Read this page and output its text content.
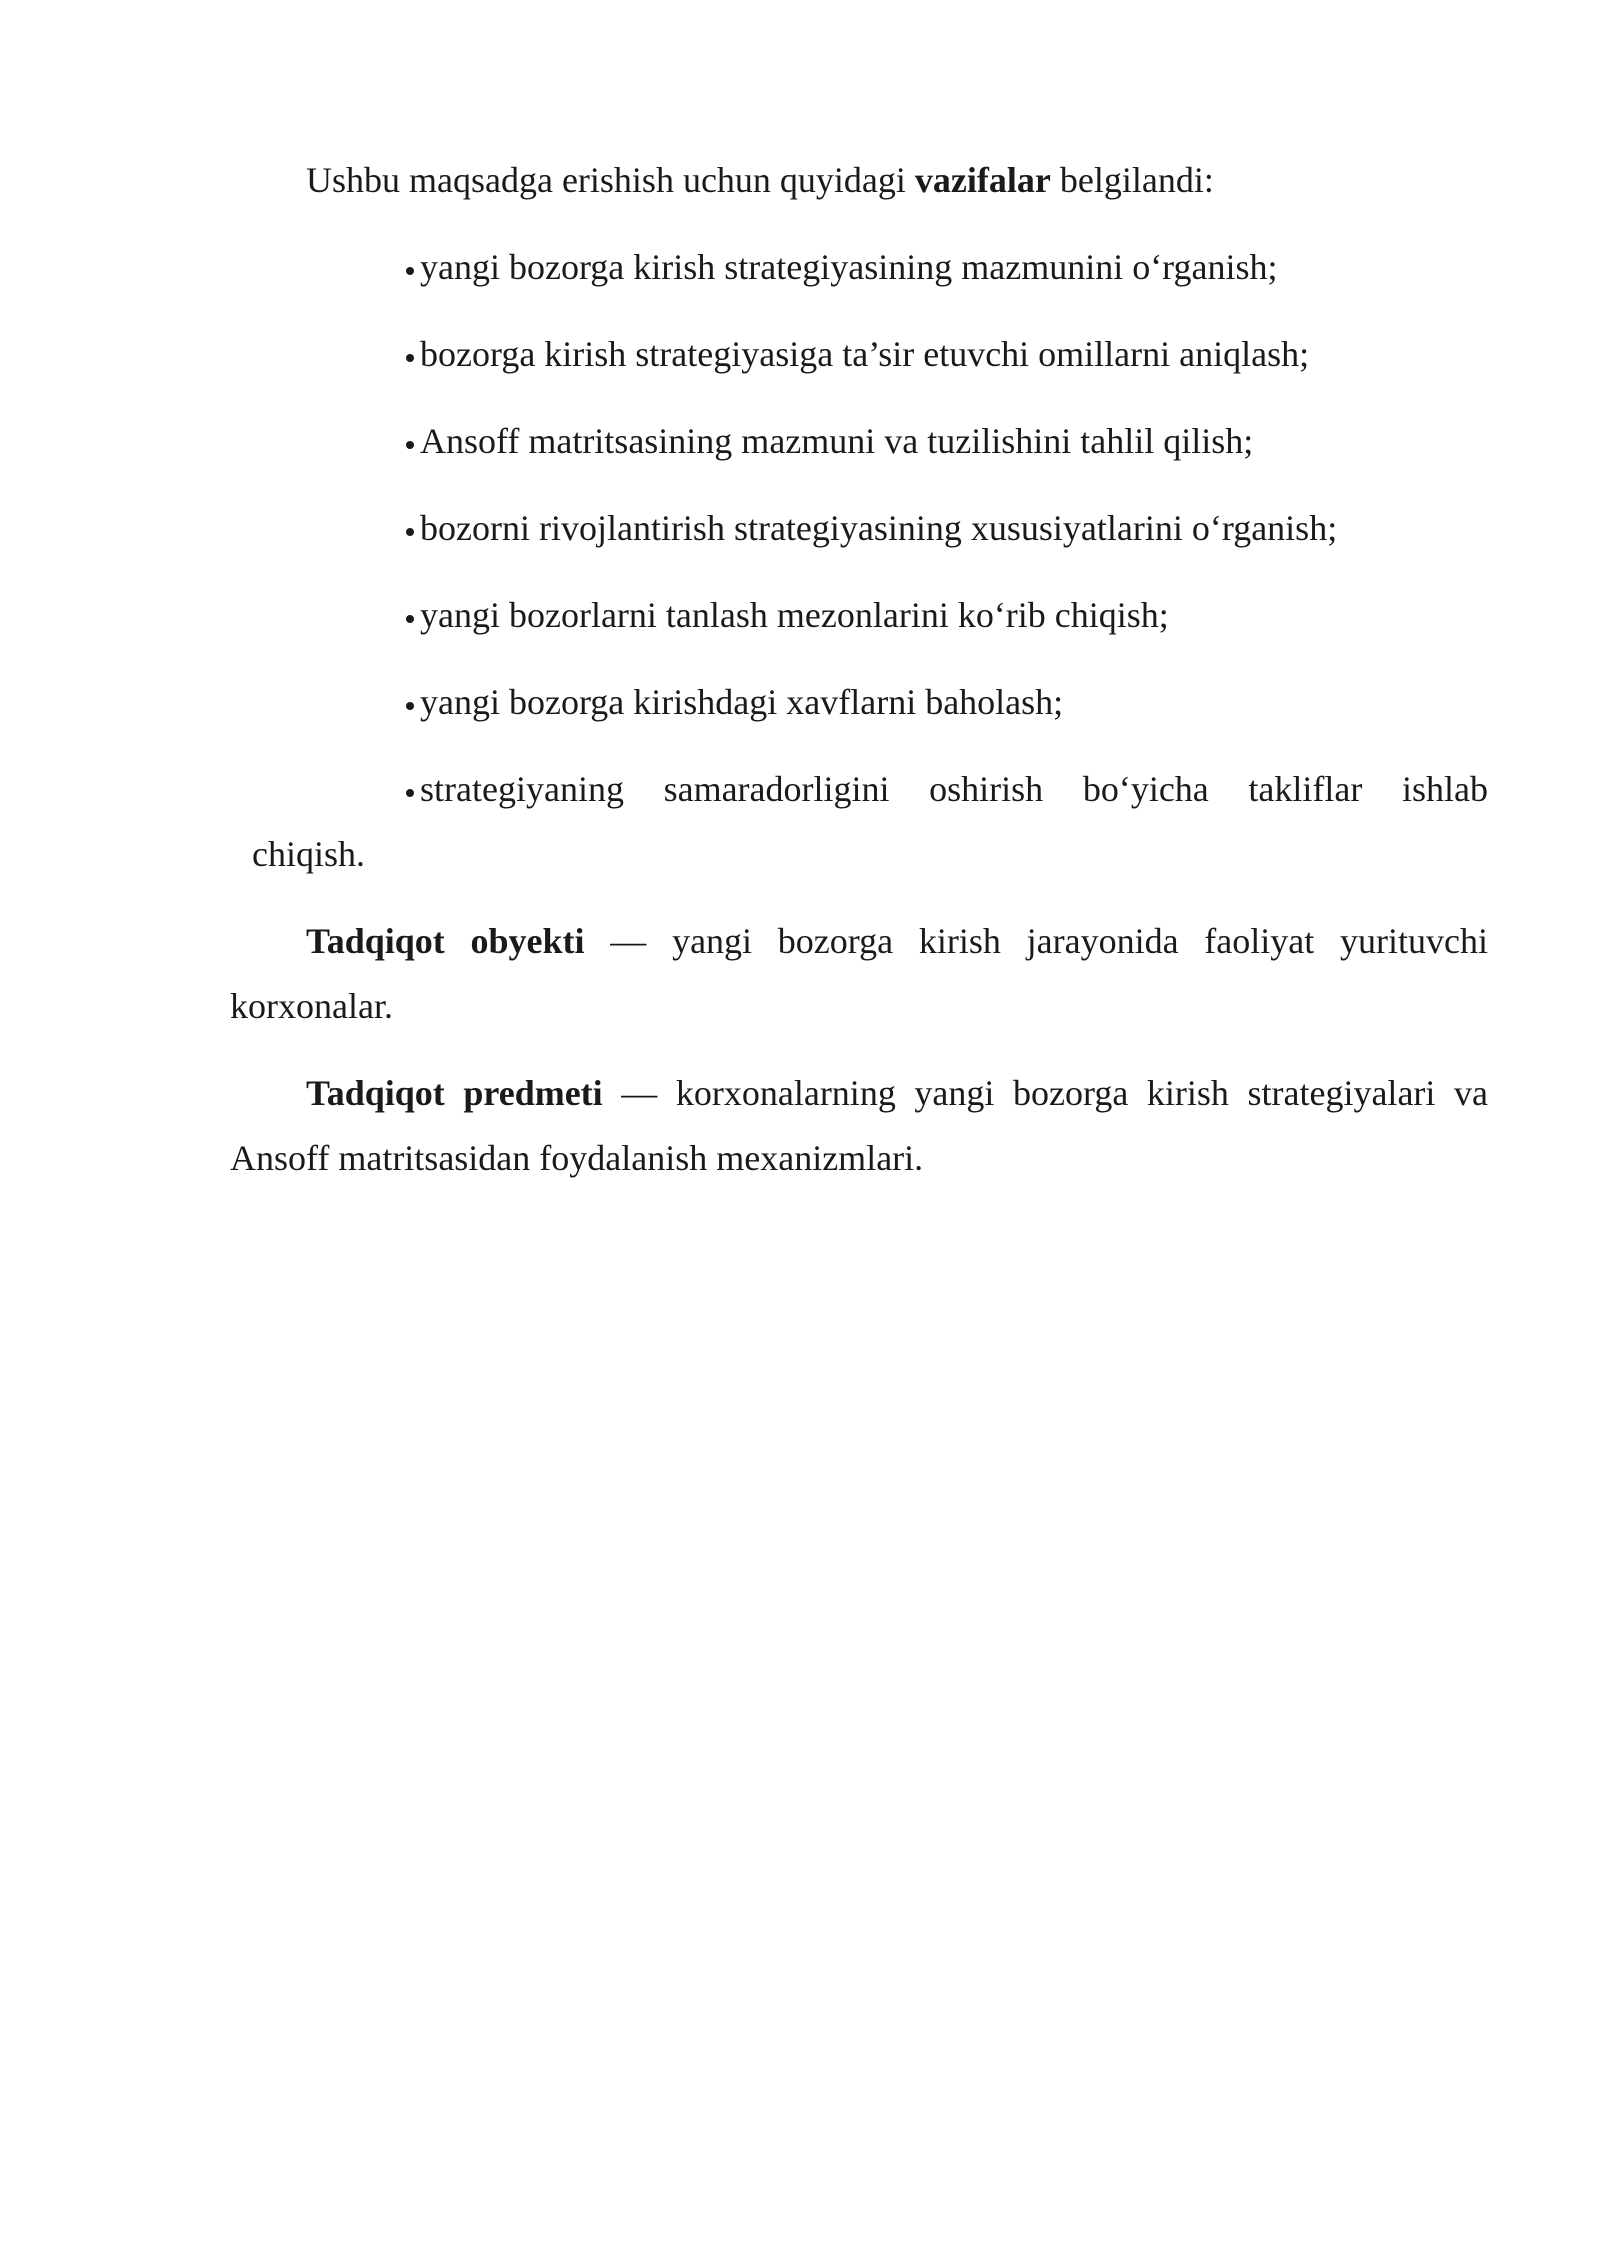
Ushbu maqsadga erishish uchun quyidagi vazifalar belgilandi:

yangi bozorga kirish strategiyasining mazmunini o‘rganish;
bozorga kirish strategiyasiga ta’sir etuvchi omillarni aniqlash;
Ansoff matritsasining mazmuni va tuzilishini tahlil qilish;
bozorni rivojlantirish strategiyasining xususiyatlarini o‘rganish;
yangi bozorlarni tanlash mezonlarini ko‘rib chiqish;
yangi bozorga kirishdagi xavflarni baholash;
strategiyaning samaradorligini oshirish bo‘yicha takliflar ishlab
chiqish.

Tadqiqot obyekti — yangi bozorga kirish jarayonida faoliyat yurituvchi korxonalar.

Tadqiqot predmeti — korxonalarning yangi bozorga kirish strategiyalari va Ansoff matritsasidan foydalanish mexanizmlari.
